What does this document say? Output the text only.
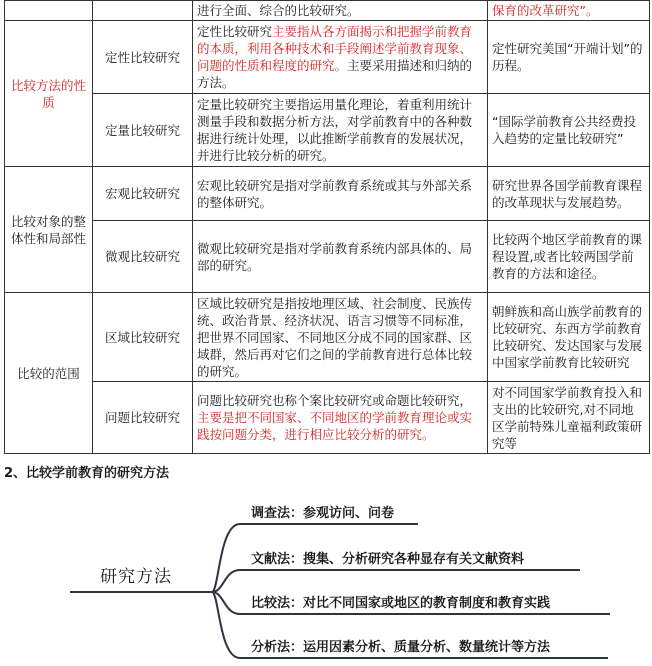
		进行全面、综合的比较研究。	保育的改革研究”。
比较方法的性质	定性比较研究	定性比较研究主要指从各方面揭示和把握学前教育的本质，利用各种技术和手段阐述学前教育现象、问题的性质和程度的研究。主要采用描述和归纳的方法。	定性研究美国“开端计划”的历程。
	定量比较研究	定量比较研究主要指运用量化理论，着重利用统计测量手段和数据分析方法，对学前教育中的各种数据进行统计处理，以此推断学前教育的发展状况，并进行比较分析的研究。	“国际学前教育公共经费投入趋势的定量比较研究”
比较对象的整体性和局部性	宏观比较研究	宏观比较研究是指对学前教育系统或其与外部关系的整体研究。	研究世界各国学前教育课程的改革现状与发展趋势。
	微观比较研究	微观比较研究是指对学前教育系统内部具体的、局部的研究。	比较两个地区学前教育的课程设置,或者比较两国学前教育的方法和途径。
比较的范围	区域比较研究	区域比较研究是指按地理区域、社会制度、民族传统、政治背景、经济状况、语言习惯等不同标准，把世界不同国家、不同地区分成不同的国家群、区域群，然后再对它们之间的学前教育进行总体比较的研究。	朝鲜族和高山族学前教育的比较研究、东西方学前教育比较研究、发达国家与发展中国家学前教育比较研究
	问题比较研究	问题比较研究也称个案比较研究或命题比较研究，主要是把不同国家、不同地区的学前教育理论或实践按问题分类，进行相应比较分析的研究。	对不同国家学前教育投入和支出的比较研究,对不同地区学前特殊儿童福利政策研究等
2、比较学前教育的研究方法
研究方法
调查法：参观访问、问卷
文献法：搜集、分析研究各种显存有关文献资料
比较法：对比不同国家或地区的教育制度和教育实践
分析法：运用因素分析、质量分析、数量统计等方法
